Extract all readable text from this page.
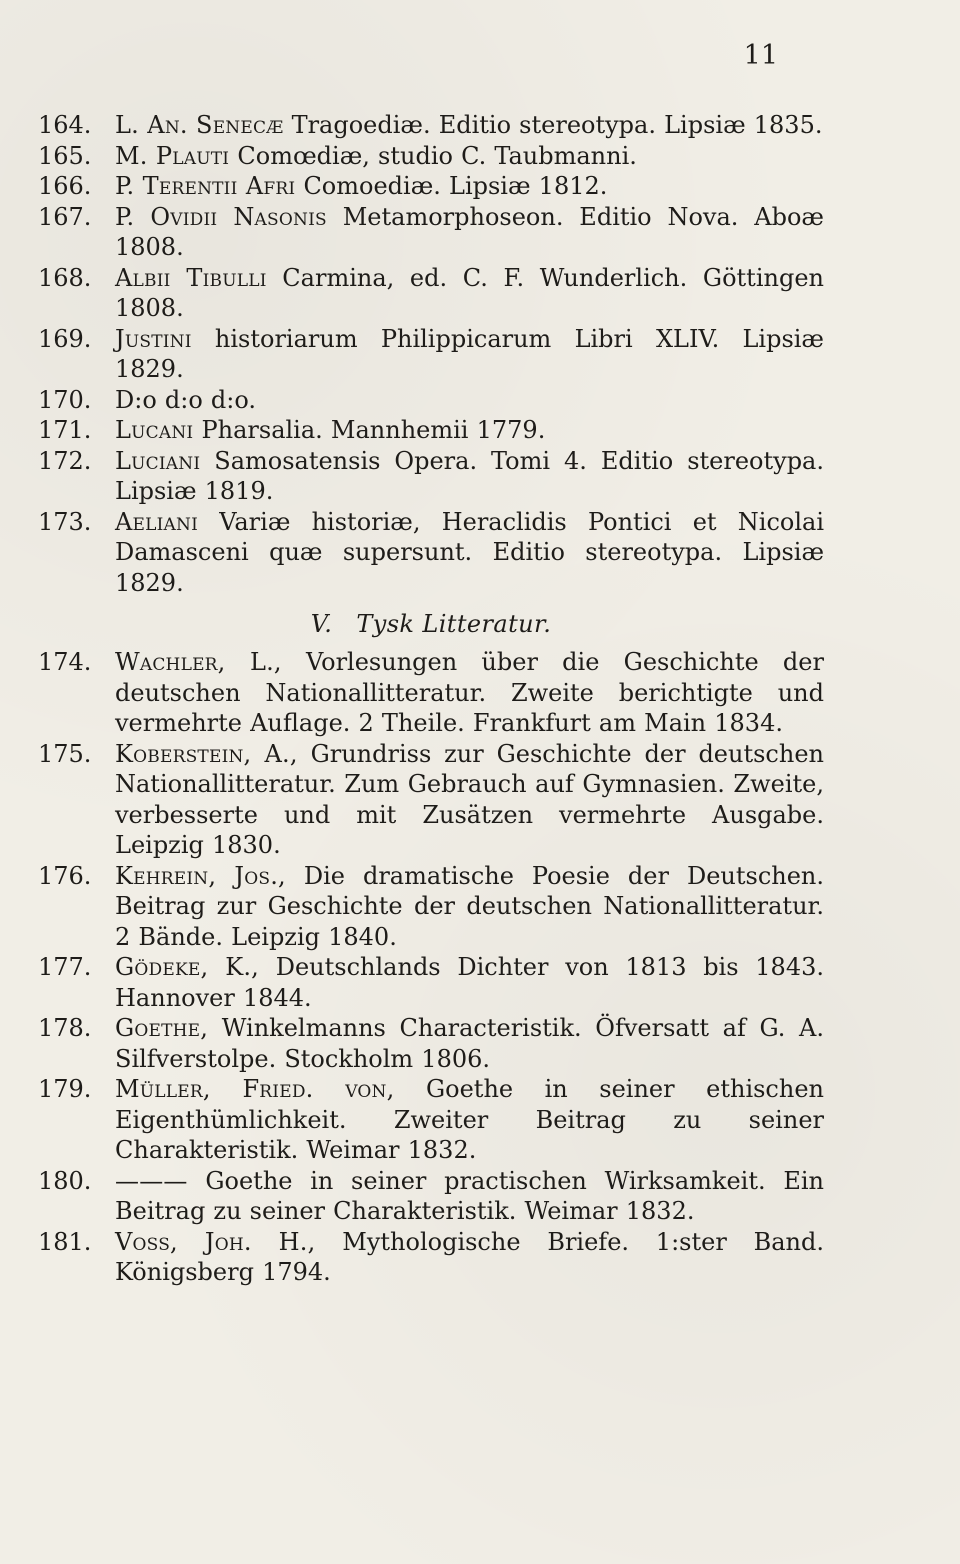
11
164. L. An. Senecæ Tragoediæ. Editio stereotypa. Lipsiæ 1835.
165. M. Plauti Comœdiæ, studio C. Taubmanni.
166. P. Terentii Afri Comoediæ. Lipsiæ 1812.
167. P. Ovidii Nasonis Metamorphoseon. Editio Nova. Aboæ 1808.
168. Albii Tibulli Carmina, ed. C. F. Wunderlich. Göttingen 1808.
169. Justini historiarum Philippicarum Libri XLIV. Lipsiæ 1829.
170. D:o d:o d:o.
171. Lucani Pharsalia. Mannhemii 1779.
172. Luciani Samosatensis Opera. Tomi 4. Editio stereotypa. Lipsiæ 1819.
173. Aeliani Variæ historiæ, Heraclidis Pontici et Nicolai Damasceni quæ supersunt. Editio stereotypa. Lipsiæ 1829.
V. Tysk Litteratur.
174. Wachler, L., Vorlesungen über die Geschichte der deutschen Nationallitteratur. Zweite berichtigte und vermehrte Auflage. 2 Theile. Frankfurt am Main 1834.
175. Koberstein, A., Grundriss zur Geschichte der deutschen Nationallitteratur. Zum Gebrauch auf Gymnasien. Zweite, verbesserte und mit Zusätzen vermehrte Ausgabe. Leipzig 1830.
176. Kehrein, Jos., Die dramatische Poesie der Deutschen. Beitrag zur Geschichte der deutschen Nationallitteratur. 2 Bände. Leipzig 1840.
177. Gödeke, K., Deutschlands Dichter von 1813 bis 1843. Hannover 1844.
178. Goethe, Winkelmanns Characteristik. Öfversatt af G. A. Silfverstolpe. Stockholm 1806.
179. Müller, Fried. von, Goethe in seiner ethischen Eigenthümlichkeit. Zweiter Beitrag zu seiner Charakteristik. Weimar 1832.
180. ——— Goethe in seiner practischen Wirksamkeit. Ein Beitrag zu seiner Charakteristik. Weimar 1832.
181. Voss, Joh. H., Mythologische Briefe. 1:ster Band. Königsberg 1794.
